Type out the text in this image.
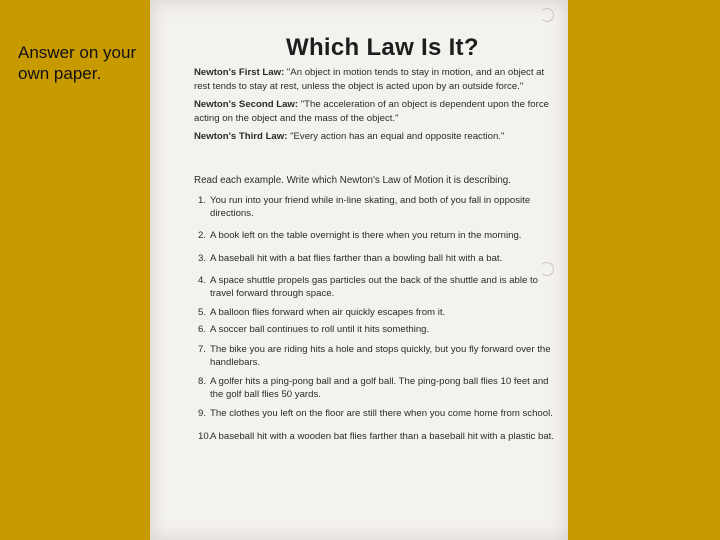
Answer on your own paper.
Which Law Is It?
Newton's First Law: "An object in motion tends to stay in motion, and an object at rest tends to stay at rest, unless the object is acted upon by an outside force."
Newton's Second Law: "The acceleration of an object is dependent upon the force acting on the object and the mass of the object."
Newton's Third Law: "Every action has an equal and opposite reaction."
Read each example. Write which Newton's Law of Motion it is describing.
1. You run into your friend while in-line skating, and both of you fall in opposite directions.
2. A book left on the table overnight is there when you return in the morning.
3. A baseball hit with a bat flies farther than a bowling ball hit with a bat.
4. A space shuttle propels gas particles out the back of the shuttle and is able to travel forward through space.
5. A balloon flies forward when air quickly escapes from it.
6. A soccer ball continues to roll until it hits something.
7. The bike you are riding hits a hole and stops quickly, but you fly forward over the handlebars.
8. A golfer hits a ping-pong ball and a golf ball. The ping-pong ball flies 10 feet and the golf ball flies 50 yards.
9. The clothes you left on the floor are still there when you come home from school.
10.
A baseball hit with a wooden bat flies farther than a baseball hit with a plastic bat.
